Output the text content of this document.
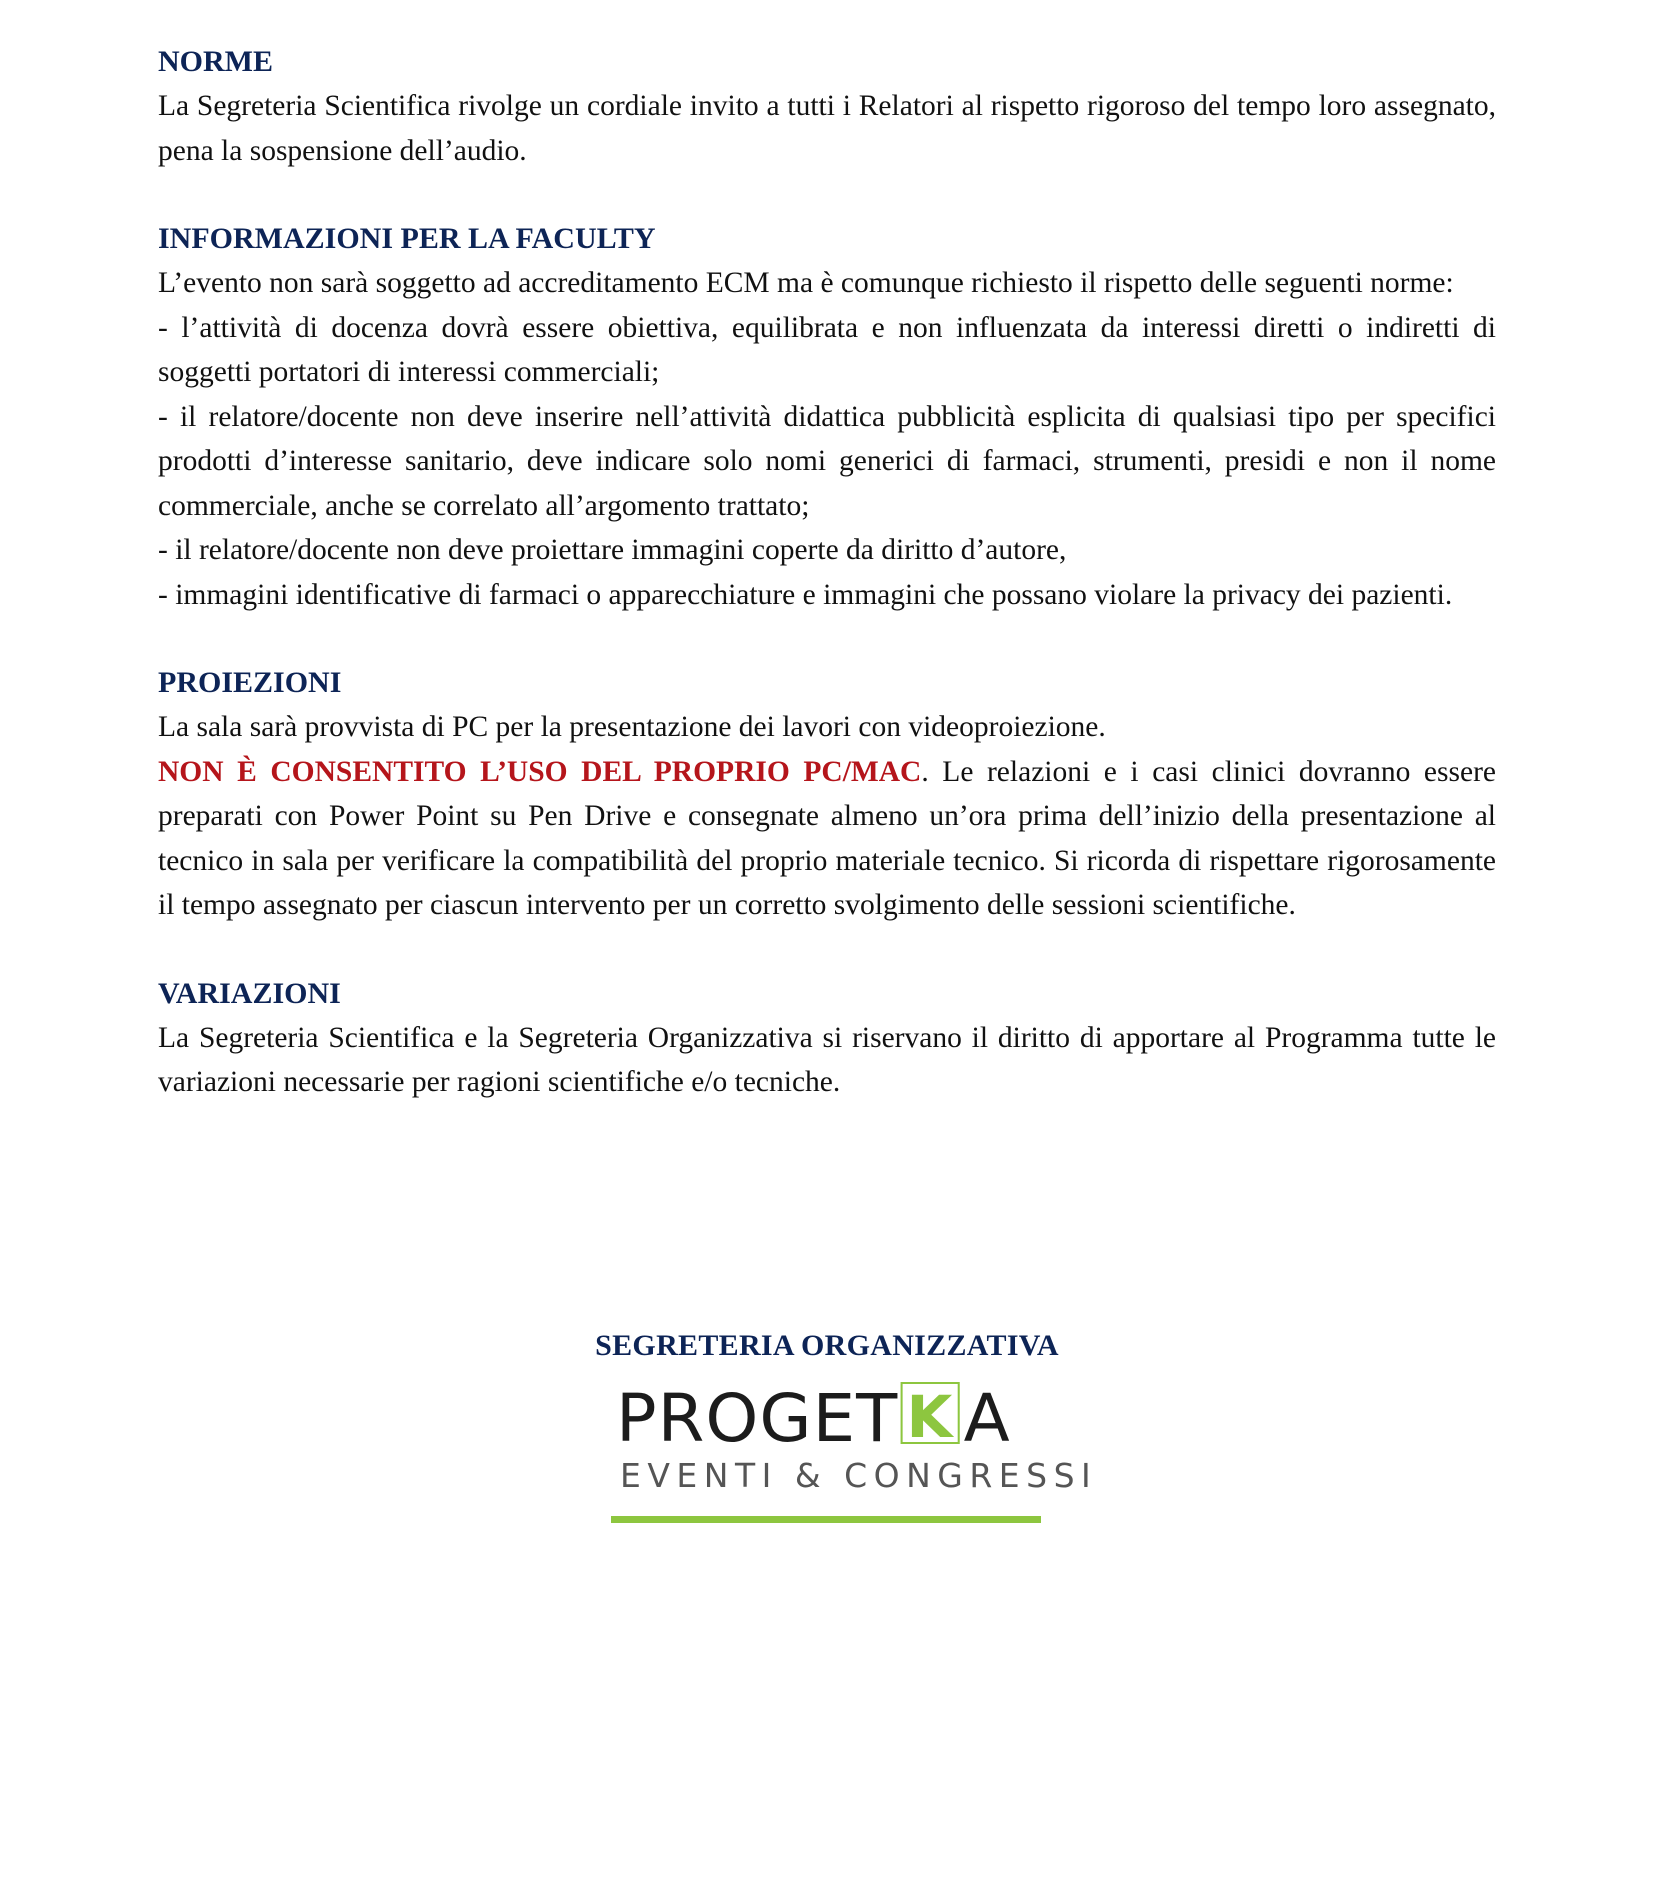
NORME

La Segreteria Scientifica rivolge un cordiale invito a tutti i Relatori al rispetto rigoroso del tempo loro assegnato, pena la sospensione dell’audio.

INFORMAZIONI PER LA FACULTY

L’evento non sarà soggetto ad accreditamento ECM ma è comunque richiesto il rispetto delle seguenti norme:

- l’attività di docenza dovrà essere obiettiva, equilibrata e non influenzata da interessi diretti o indiretti di soggetti portatori di interessi commerciali;

- il relatore/docente non deve inserire nell’attività didattica pubblicità esplicita di qualsiasi tipo per specifici prodotti d’interesse sanitario, deve indicare solo nomi generici di farmaci, strumenti, presidi e non il nome commerciale, anche se correlato all’argomento trattato;

- il relatore/docente non deve proiettare immagini coperte da diritto d’autore,

- immagini identificative di farmaci o apparecchiature e immagini che possano violare la privacy dei pazienti.

PROIEZIONI

La sala sarà provvista di PC per la presentazione dei lavori con videoproiezione.

NON È CONSENTITO L’USO DEL PROPRIO PC/MAC. Le relazioni e i casi clinici dovranno essere preparati con Power Point su Pen Drive e consegnate almeno un’ora prima dell’inizio della presentazione al tecnico in sala per verificare la compatibilità del proprio materiale tecnico. Si ricorda di rispettare rigorosamente il tempo assegnato per ciascun intervento per un corretto svolgimento delle sessioni scientifiche.

VARIAZIONI

La Segreteria Scientifica e la Segreteria Organizzativa si riservano il diritto di apportare al Programma tutte le variazioni necessarie per ragioni scientifiche e/o tecniche.

SEGRETERIA ORGANIZZATIVA
PROGET K A
EVENTI & CONGRESSI
